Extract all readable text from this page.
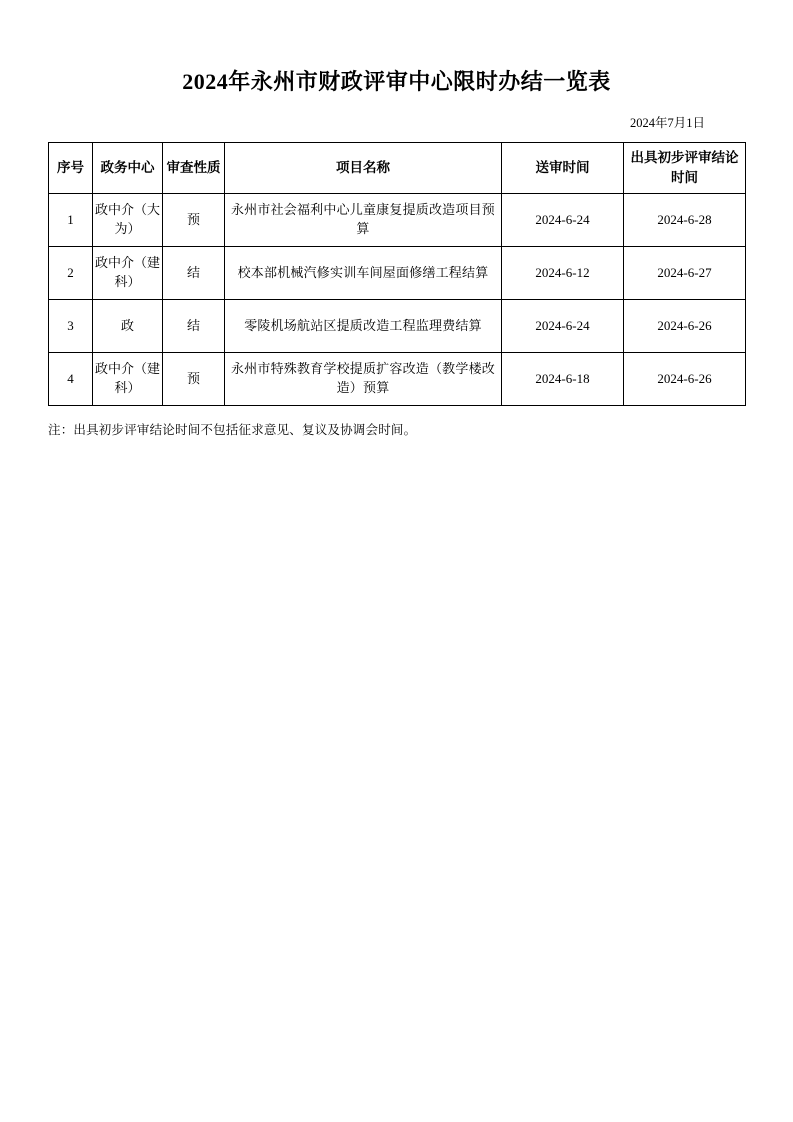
2024年永州市财政评审中心限时办结一览表
2024年7月1日
序号	政务中心	审查性质	项目名称	送审时间	出具初步评审结论时间
1	政中介（大为）	预	永州市社会福利中心儿童康复提质改造项目预算	2024-6-24	2024-6-28
2	政中介（建科）	结	校本部机械汽修实训车间屋面修缮工程结算	2024-6-12	2024-6-27
3	政	结	零陵机场航站区提质改造工程监理费结算	2024-6-24	2024-6-26
4	政中介（建科）	预	永州市特殊教育学校提质扩容改造（教学楼改造）预算	2024-6-18	2024-6-26
注：出具初步评审结论时间不包括征求意见、复议及协调会时间。
